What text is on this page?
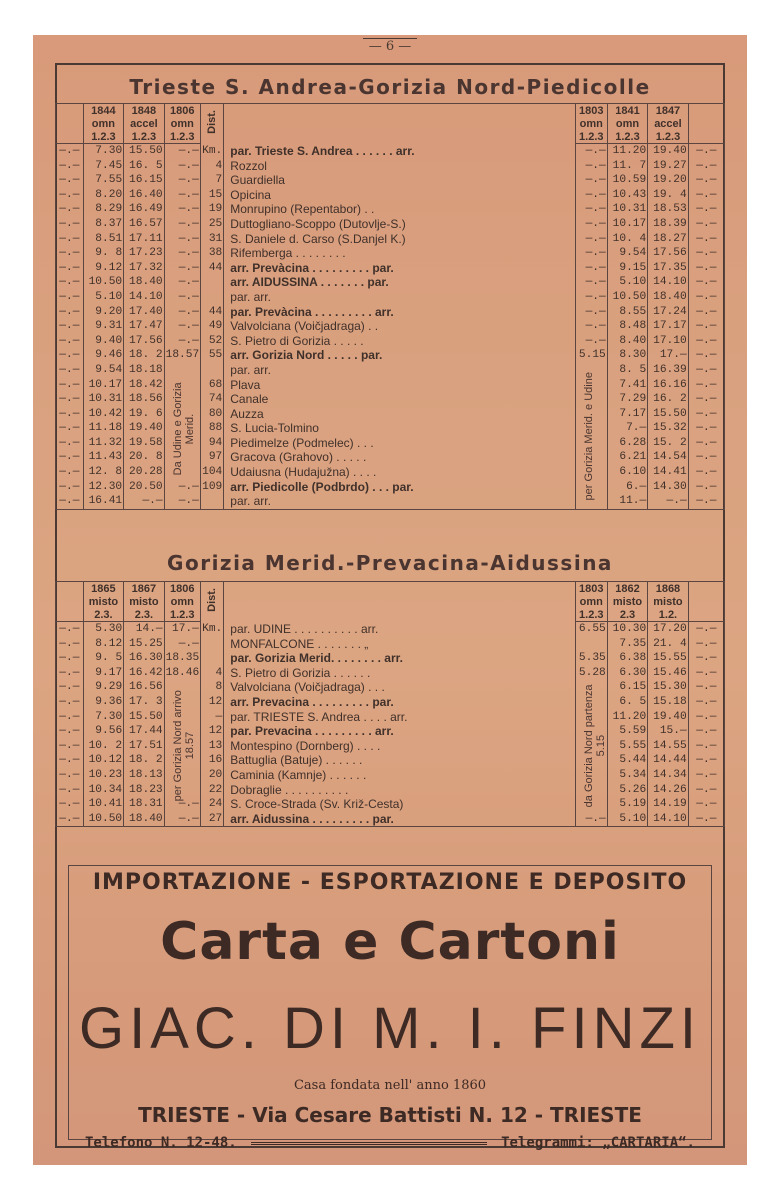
— 6 —
Trieste S. Andrea-Gorizia Nord-Piedicolle
	1844	1848	1806	Dist.		1803	1841	1847	
	omn	accel	omn			omn	omn	accel	
	1.2.3	1.2.3	1.2.3			1.2.3	1.2.3	1.2.3	
—.—	7.30	15.50	—.—	Km.	par. Trieste S. Andrea . . . . . . arr.	—.—	11.20	19.40	—.—
—.—	7.45	16. 5	—.—	4	Rozzol	—.—	11. 7	19.27	—.—
—.—	7.55	16.15	—.—	7	Guardiella	—.—	10.59	19.20	—.—
—.—	8.20	16.40	—.—	15	Opicina	—.—	10.43	19. 4	—.—
—.—	8.29	16.49	—.—	19	Monrupino (Repentabor) . .	—.—	10.31	18.53	—.—
—.—	8.37	16.57	—.—	25	Duttogliano-Scoppo (Dutovlje-S.)	—.—	10.17	18.39	—.—
—.—	8.51	17.11	—.—	31	S. Daniele d. Carso (S.Danjel K.)	—.—	10. 4	18.27	—.—
—.—	9. 8	17.23	—.—	38	Rifemberga . . . . . . . .	—.—	9.54	17.56	—.—
—.—	9.12	17.32	—.—	44	arr. Prevàcina . . . . . . . . . par.	—.—	9.15	17.35	—.—
—.—	10.50	18.40	—.—		arr. AIDUSSINA . . . . . . . par.	—.—	5.10	14.10	—.—
—.—	5.10	14.10	—.—		par. arr.	—.—	10.50	18.40	—.—
—.—	9.20	17.40	—.—	44	par. Prevàcina . . . . . . . . . arr.	—.—	8.55	17.24	—.—
—.—	9.31	17.47	—.—	49	Valvolciana (Voičjadraga) . .	—.—	8.48	17.17	—.—
—.—	9.40	17.56	—.—	52	S. Pietro di Gorizia . . . . .	—.—	8.40	17.10	—.—
—.—	9.46	18. 2	18.57	55	arr. Gorizia Nord . . . . . par.	5.15	8.30	17.—	—.—
—.—	9.54	18.18			par. arr.		8. 5	16.39	—.—
—.—	10.17	18.42		68	Plava		7.41	16.16	—.—
—.—	10.31	18.56		74	Canale		7.29	16. 2	—.—
—.—	10.42	19. 6		80	Auzza		7.17	15.50	—.—
—.—	11.18	19.40		88	S. Lucia-Tolmino		7.—	15.32	—.—
—.—	11.32	19.58		94	Piedimelze (Podmelec) . . .		6.28	15. 2	—.—
—.—	11.43	20. 8		97	Gracova (Grahovo) . . . . .		6.21	14.54	—.—
—.—	12. 8	20.28		104	Udaiusna (Hudajužna) . . . .		6.10	14.41	—.—
—.—	12.30	20.50	—.—	109	arr. Piedicolle (Podbrdo) . . . par.		6.—	14.30	—.—
—.—	16.41	—.—	—.—		par. arr.		11.—	—.—	—.—
Gorizia Merid.-Prevacina-Aidussina
	1865	1867	1806	Dist.		1803	1862	1868	
	misto	misto	omn			omn	misto	misto	
	2.3.	2.3.	1.2.3			1.2.3	2.3	1.2.	
—.—	5.30	14.—	17.—	Km.	par. UDINE . . . . . . . . . . arr.	6.55	10.30	17.20	—.—
—.—	8.12	15.25	—.—		MONFALCONE . . . . . . . „		7.35	21. 4	—.—
—.—	9. 5	16.30	18.35		par. Gorizia Merid. . . . . . . . arr.	5.35	6.38	15.55	—.—
—.—	9.17	16.42	18.46	4	S. Pietro di Gorizia . . . . . .	5.28	6.30	15.46	—.—
—.—	9.29	16.56		8	Valvolciana (Voičjadraga) . . .		6.15	15.30	—.—
—.—	9.36	17. 3		12	arr. Prevacina . . . . . . . . . par.		6. 5	15.18	—.—
—.—	7.30	15.50		—	par. TRIESTE S. Andrea . . . . arr.		11.20	19.40	—.—
—.—	9.56	17.44		12	par. Prevacina . . . . . . . . . arr.		5.59	15.—	—.—
—.—	10. 2	17.51		13	Montespino (Dornberg) . . . .		5.55	14.55	—.—
—.—	10.12	18. 2		16	Battuglia (Batuje) . . . . . .		5.44	14.44	—.—
—.—	10.23	18.13		20	Caminia (Kamnje) . . . . . .		5.34	14.34	—.—
—.—	10.34	18.23		22	Dobraglie . . . . . . . . . .		5.26	14.26	—.—
—.—	10.41	18.31	—.—	24	S. Croce-Strada (Sv. Križ-Cesta)		5.19	14.19	—.—
—.—	10.50	18.40	—.—	27	arr. Aidussina . . . . . . . . . par.	—.—	5.10	14.10	—.—
IMPORTAZIONE - ESPORTAZIONE E DEPOSITO
Carta e Cartoni
GIAC. DI M. I. FINZI
Casa fondata nell' anno 1860
TRIESTE - Via Cesare Battisti N. 12 - TRIESTE
Telefono N. 12-48.	Telegrammi: „CARTARIA“.
Da Udine e Gorizia Merid.	per Gorizia Merid. e Udine
per Gorizia Nord arrivo 18.57	da Gorizia Nord partenza 5.15
